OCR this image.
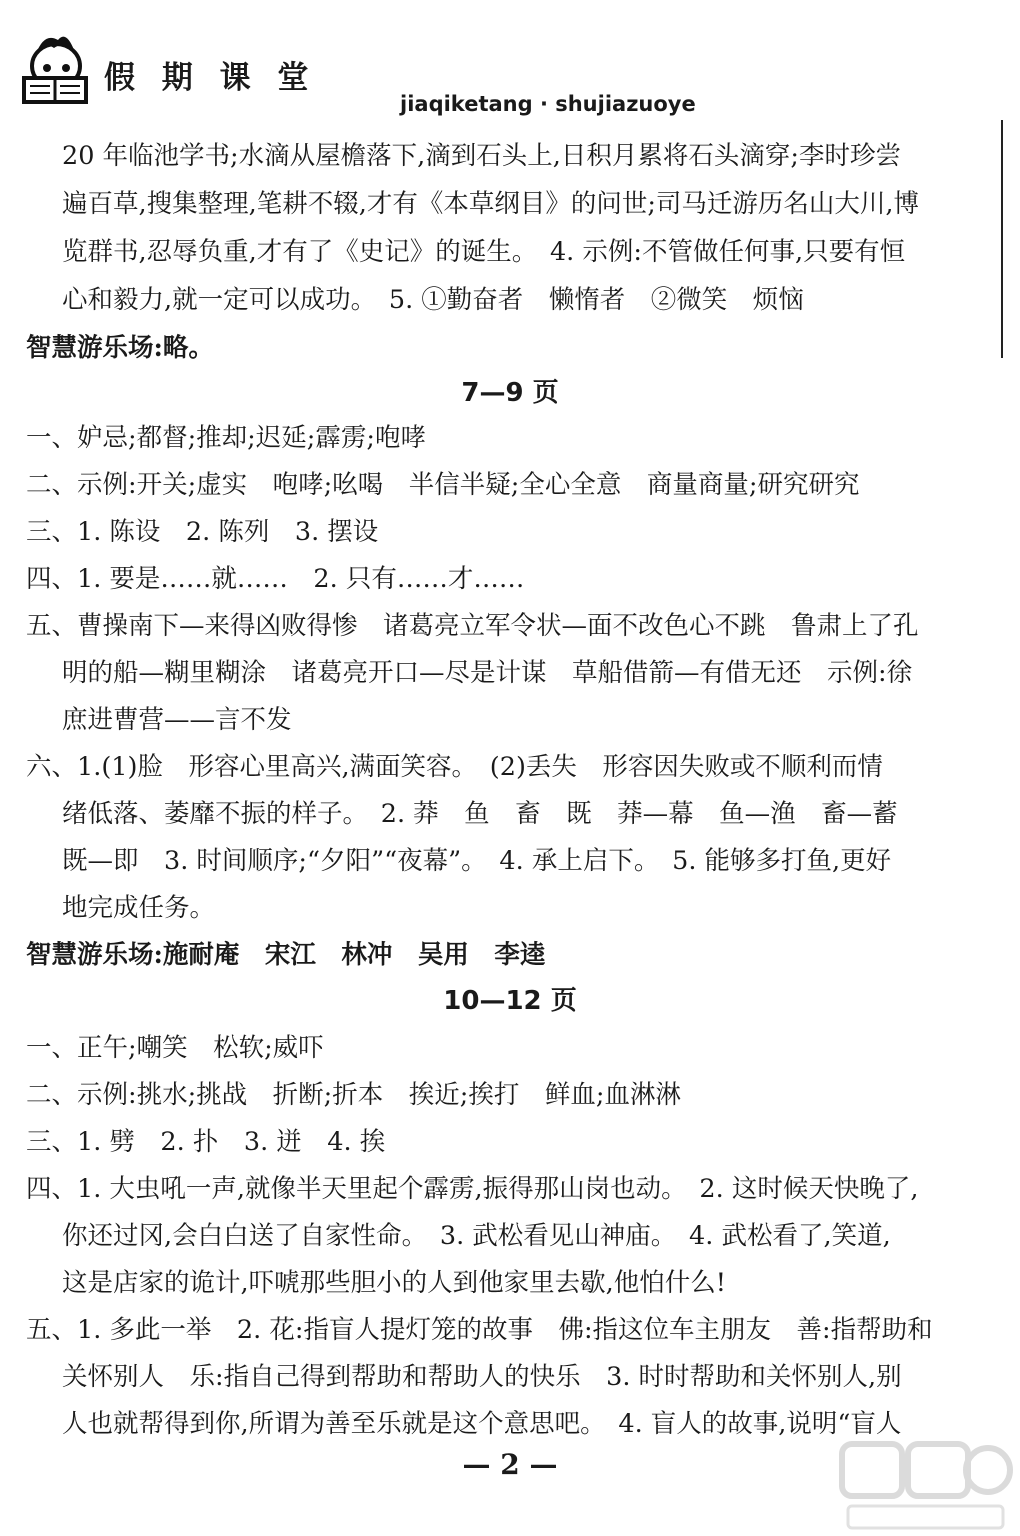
假 期 课 堂
jiaqiketang · shujiazuoye
20 年临池学书;水滴从屋檐落下,滴到石头上,日积月累将石头滴穿;李时珍尝
遍百草,搜集整理,笔耕不辍,才有《本草纲目》的问世;司马迁游历名山大川,博
览群书,忍辱负重,才有了《史记》的诞生。　4. 示例:不管做任何事,只要有恒
心和毅力,就一定可以成功。　5. ①勤奋者　懒惰者　②微笑　烦恼
智慧游乐场:略。
7—9 页
一、妒忌;都督;推却;迟延;霹雳;咆哮
二、示例:开关;虚实　咆哮;吆喝　半信半疑;全心全意　商量商量;研究研究
三、1. 陈设　2. 陈列　3. 摆设
四、1. 要是……就……　2. 只有……才……
五、曹操南下—来得凶败得惨　诸葛亮立军令状—面不改色心不跳　鲁肃上了孔
明的船—糊里糊涂　诸葛亮开口—尽是计谋　草船借箭—有借无还　示例:徐
庶进曹营——言不发
六、1.(1)脸　形容心里高兴,满面笑容。　(2)丢失　形容因失败或不顺利而情
绪低落、萎靡不振的样子。　2. 莽　鱼　畜　既　莽—幕　鱼—渔　畜—蓄
既—即　3. 时间顺序;“夕阳”“夜幕”。　4. 承上启下。　5. 能够多打鱼,更好
地完成任务。
智慧游乐场:施耐庵　宋江　林冲　吴用　李逵
10—12 页
一、正午;嘲笑　松软;威吓
二、示例:挑水;挑战　折断;折本　挨近;挨打　鲜血;血淋淋
三、1. 劈　2. 扑　3. 迸　4. 挨
四、1. 大虫吼一声,就像半天里起个霹雳,振得那山岗也动。　2. 这时候天快晚了,
你还过冈,会白白送了自家性命。　3. 武松看见山神庙。　4. 武松看了,笑道,
这是店家的诡计,吓唬那些胆小的人到他家里去歇,他怕什么!
五、1. 多此一举　2. 花:指盲人提灯笼的故事　佛:指这位车主朋友　善:指帮助和
关怀别人　乐:指自己得到帮助和帮助人的快乐　3. 时时帮助和关怀别人,别
人也就帮得到你,所谓为善至乐就是这个意思吧。　4. 盲人的故事,说明“盲人
— 2 —
